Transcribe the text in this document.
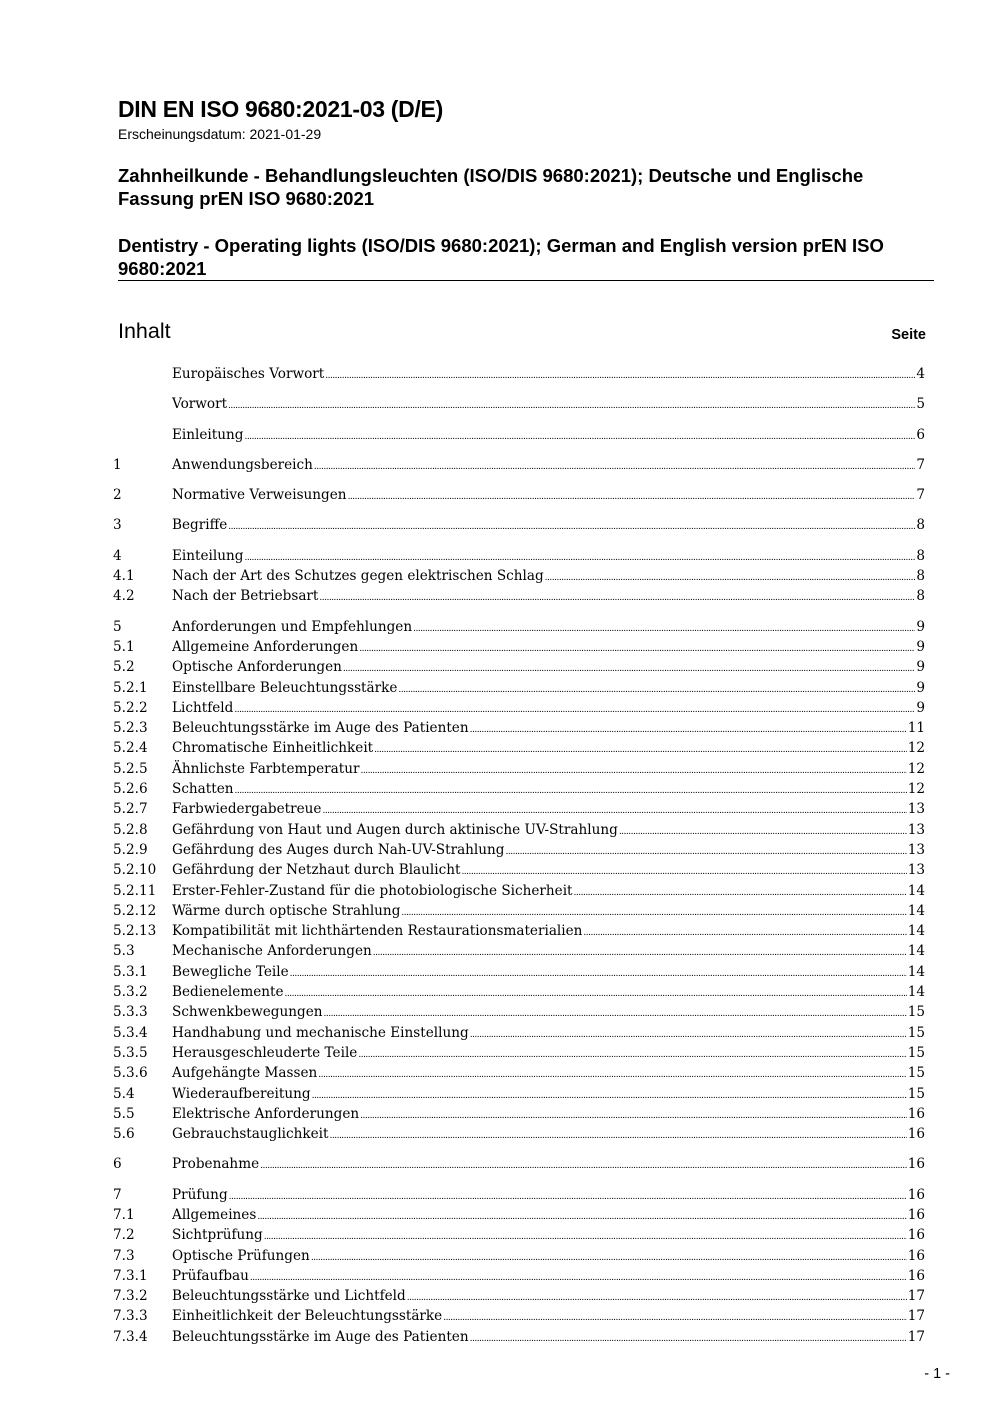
DIN EN ISO 9680:2021-03 (D/E)
Erscheinungsdatum: 2021-01-29
Zahnheilkunde - Behandlungsleuchten (ISO/DIS 9680:2021); Deutsche und Englische Fassung prEN ISO 9680:2021
Dentistry - Operating lights (ISO/DIS 9680:2021); German and English version prEN ISO 9680:2021
Inhalt	Seite
Europäisches Vorwort .....	4
Vorwort .....	5
Einleitung .....	6
1	Anwendungsbereich .....	7
2	Normative Verweisungen .....	7
3	Begriffe .....	8
4	Einteilung .....	8
4.1	Nach der Art des Schutzes gegen elektrischen Schlag .....	8
4.2	Nach der Betriebsart .....	8
5	Anforderungen und Empfehlungen .....	9
5.1	Allgemeine Anforderungen .....	9
5.2	Optische Anforderungen .....	9
5.2.1	Einstellbare Beleuchtungsstärke .....	9
5.2.2	Lichtfeld .....	9
5.2.3	Beleuchtungsstärke im Auge des Patienten .....	11
5.2.4	Chromatische Einheitlichkeit .....	12
5.2.5	Ähnlichste Farbtemperatur .....	12
5.2.6	Schatten .....	12
5.2.7	Farbwiedergabetreue .....	13
5.2.8	Gefährdung von Haut und Augen durch aktinische UV-Strahlung .....	13
5.2.9	Gefährdung des Auges durch Nah-UV-Strahlung .....	13
5.2.10	Gefährdung der Netzhaut durch Blaulicht .....	13
5.2.11	Erster-Fehler-Zustand für die photobiologische Sicherheit .....	14
5.2.12	Wärme durch optische Strahlung .....	14
5.2.13	Kompatibilität mit lichthärtenden Restaurationsmaterialien .....	14
5.3	Mechanische Anforderungen .....	14
5.3.1	Bewegliche Teile .....	14
5.3.2	Bedienelemente .....	14
5.3.3	Schwenkbewegungen .....	15
5.3.4	Handhabung und mechanische Einstellung .....	15
5.3.5	Herausgeschleuderte Teile .....	15
5.3.6	Aufgehängte Massen .....	15
5.4	Wiederaufbereitung .....	15
5.5	Elektrische Anforderungen .....	16
5.6	Gebrauchstauglichkeit .....	16
6	Probenahme .....	16
7	Prüfung .....	16
7.1	Allgemeines .....	16
7.2	Sichtprüfung .....	16
7.3	Optische Prüfungen .....	16
7.3.1	Prüfaufbau .....	16
7.3.2	Beleuchtungsstärke und Lichtfeld .....	17
7.3.3	Einheitlichkeit der Beleuchtungsstärke .....	17
7.3.4	Beleuchtungsstärke im Auge des Patienten .....	17
- 1 -
